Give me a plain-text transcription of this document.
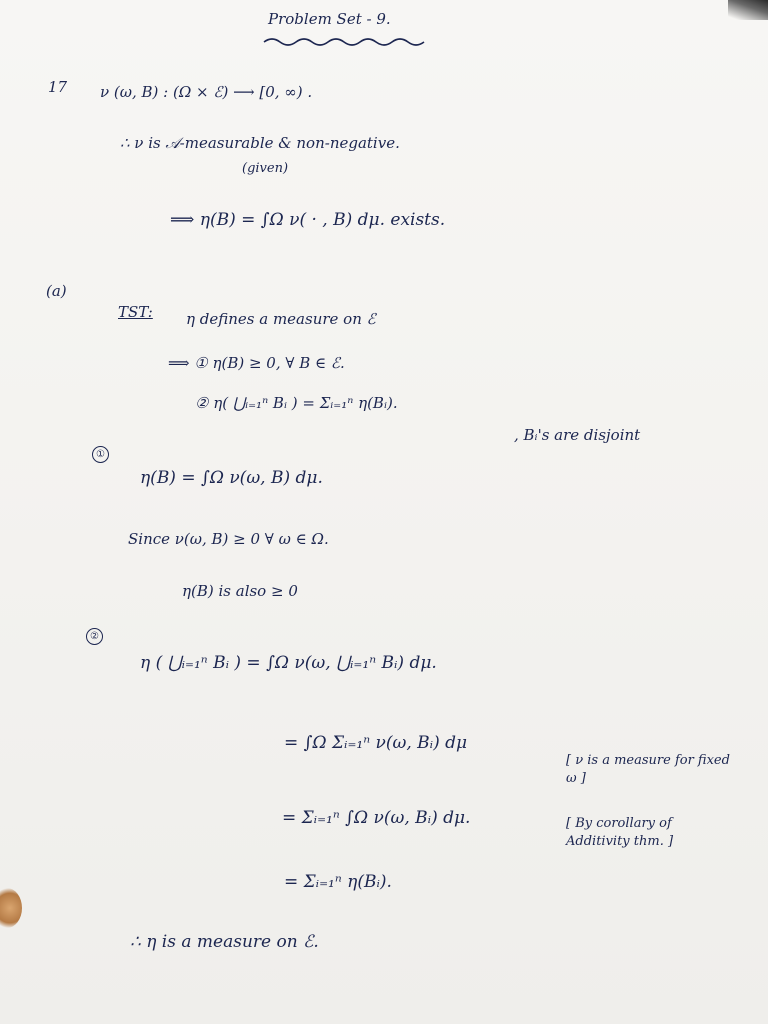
Problem Set - 9.
17 ν (ω, B) : (Ω × ℰ) ⟶ [0, ∞) .
∴ ν is 𝒜-measurable & non-negative.
(given)
⟹ η(B) = ∫Ω ν( · , B) dμ. exists.
(a)
TST: η defines a measure on ℰ
⟹ ① η(B) ≥ 0, ∀ B ∈ ℰ.
② η( ⋃ᵢ₌₁ⁿ Bᵢ ) = Σᵢ₌₁ⁿ η(Bᵢ).
, Bᵢ's are disjoint
①
η(B) = ∫Ω ν(ω, B) dμ.
Since ν(ω, B) ≥ 0 ∀ ω ∈ Ω.
η(B) is also ≥ 0
②
η ( ⋃ᵢ₌₁ⁿ Bᵢ ) = ∫Ω ν(ω, ⋃ᵢ₌₁ⁿ Bᵢ) dμ.
= ∫Ω Σᵢ₌₁ⁿ ν(ω, Bᵢ) dμ
[ ν is a measure for fixed ω ]
= Σᵢ₌₁ⁿ ∫Ω ν(ω, Bᵢ) dμ.	[ By corollary of Additivity thm. ]
= Σᵢ₌₁ⁿ η(Bᵢ).
∴ η is a measure on ℰ.
